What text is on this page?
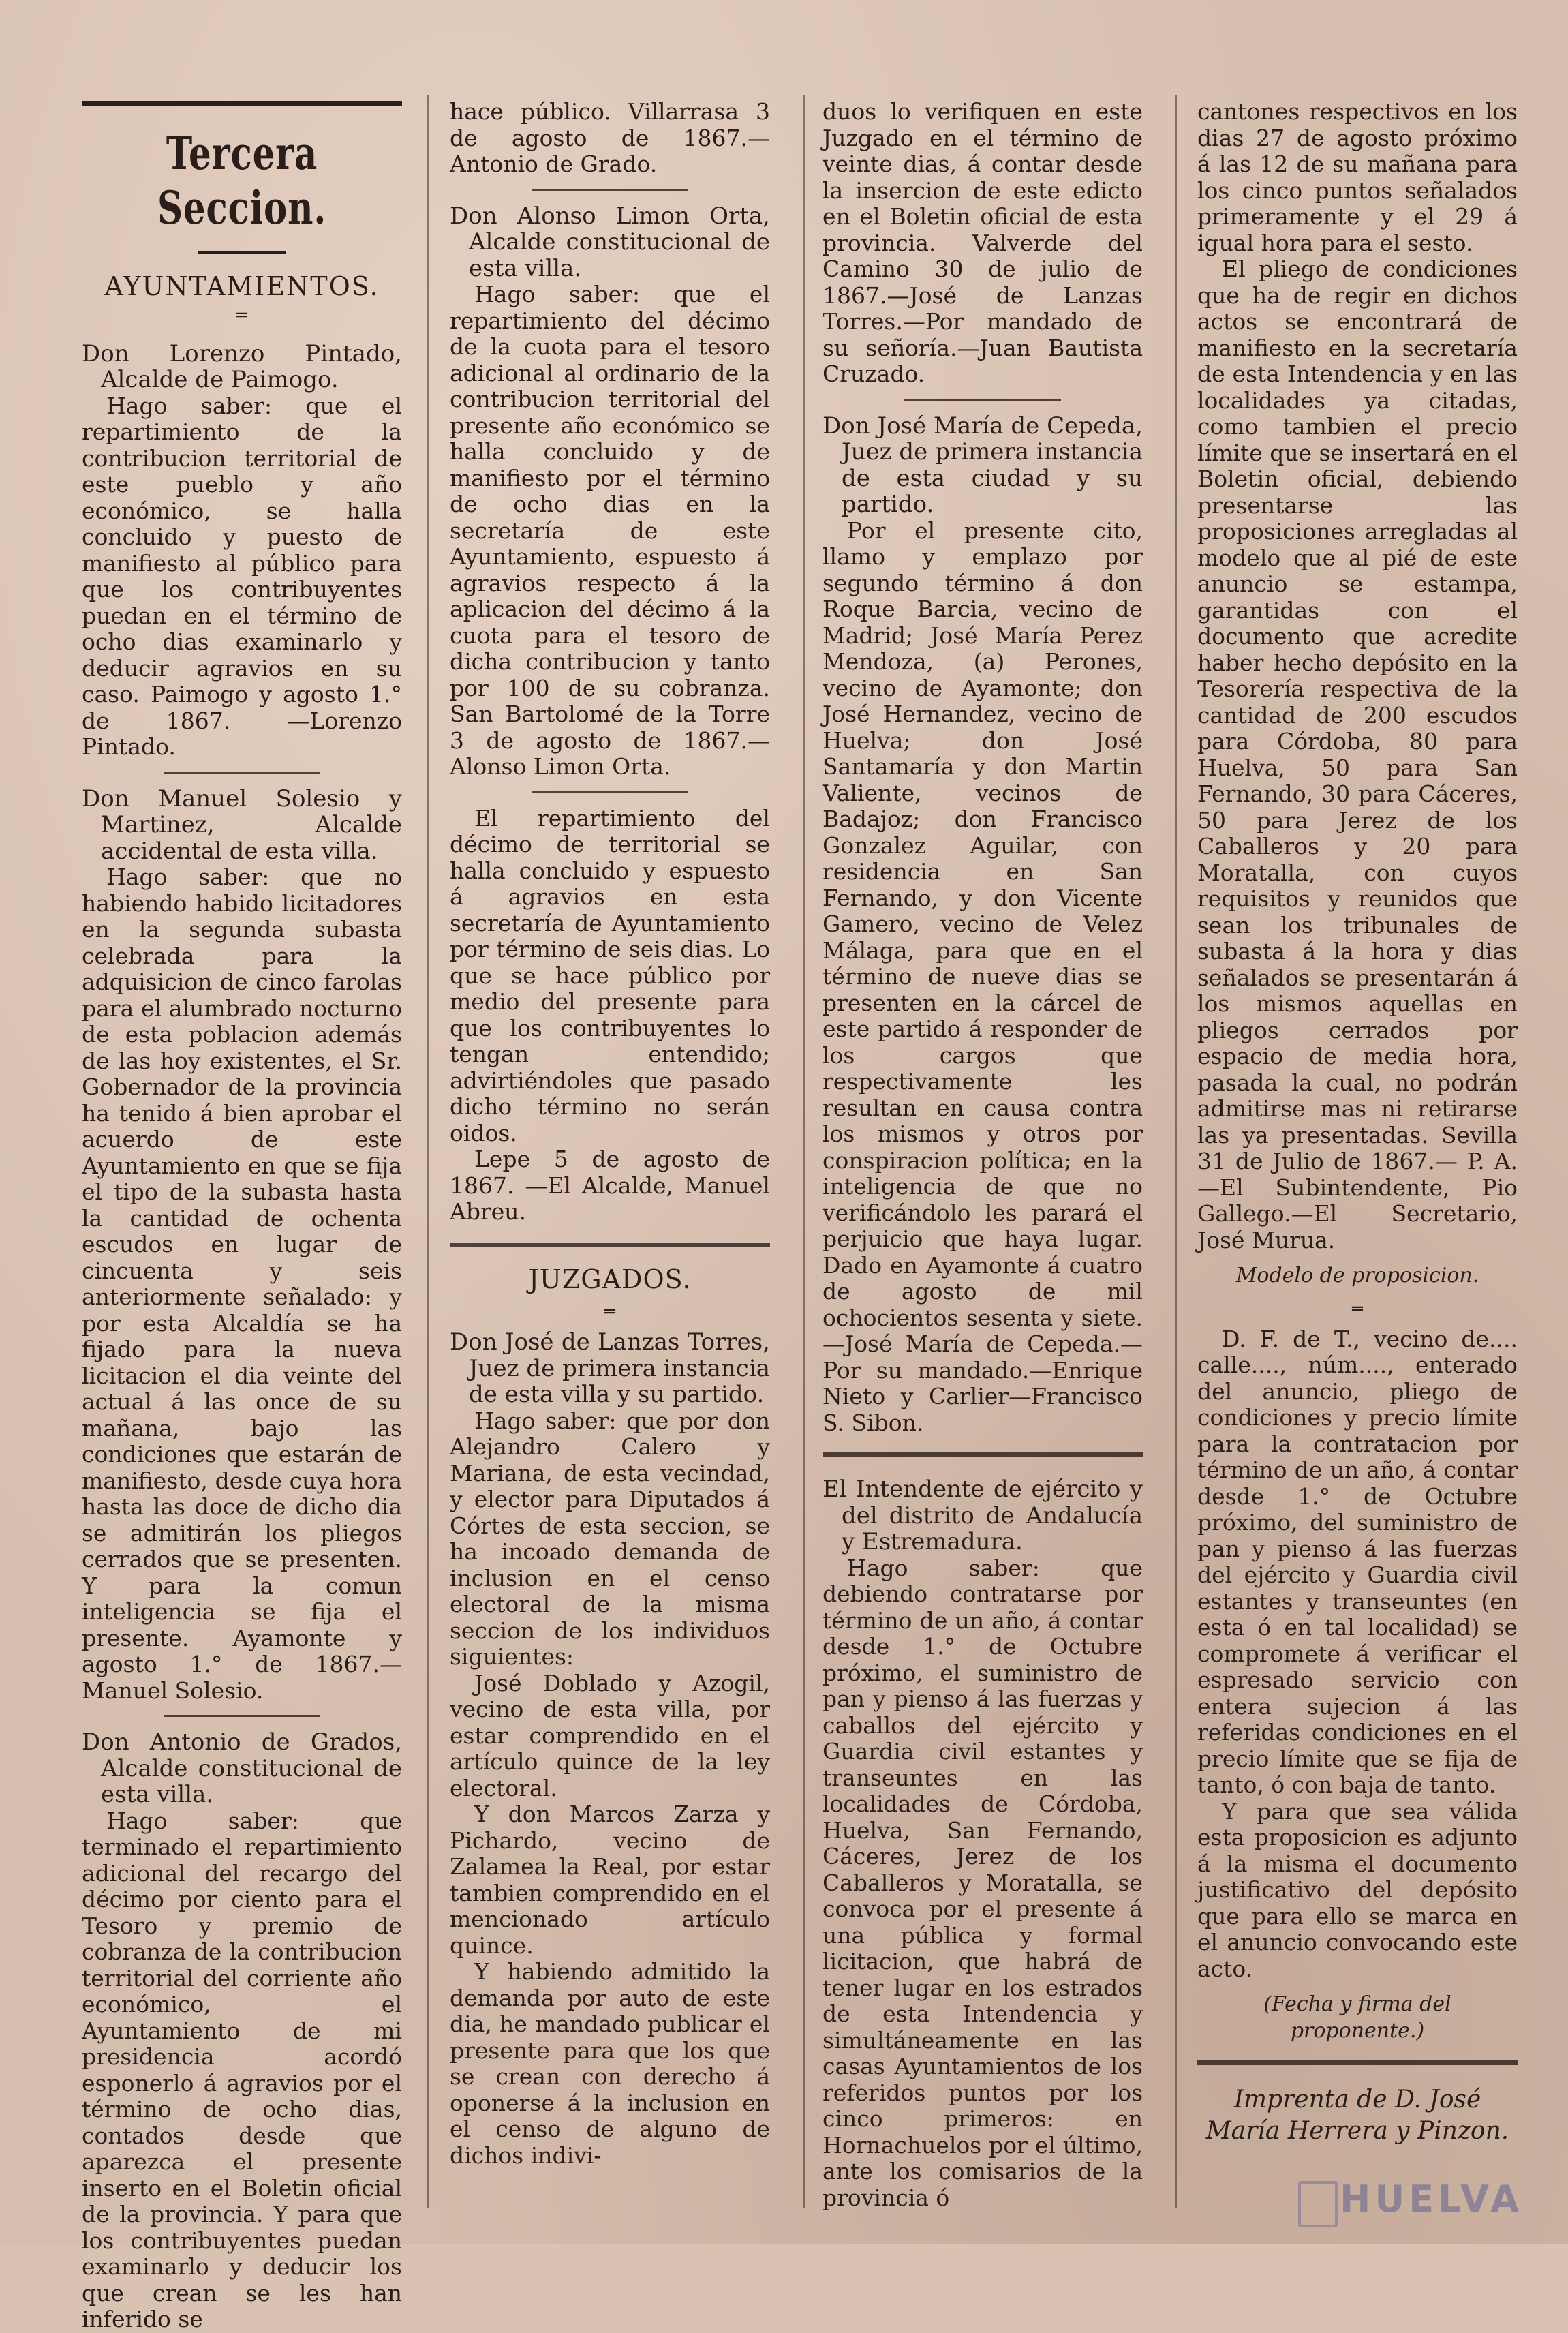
Tercera Seccion.
AYUNTAMIENTOS.
═

Don Lorenzo Pintado, Alcalde de Paimogo.

Hago saber: que el repartimiento de la contribucion territorial de este pueblo y año económico, se halla concluido y puesto de manifiesto al público para que los contribuyentes puedan en el término de ocho dias examinarlo y deducir agravios en su caso. Paimogo y agosto 1.° de 1867. —Lorenzo Pintado.

Don Manuel Solesio y Martinez, Alcalde accidental de esta villa.

Hago saber: que no habiendo habido licitadores en la segunda subasta celebrada para la adquisicion de cinco farolas para el alumbrado nocturno de esta poblacion además de las hoy existentes, el Sr. Gobernador de la provincia ha tenido á bien aprobar el acuerdo de este Ayuntamiento en que se fija el tipo de la subasta hasta la cantidad de ochenta escudos en lugar de cincuenta y seis anteriormente señalado: y por esta Alcaldía se ha fijado para la nueva licitacion el dia veinte del actual á las once de su mañana, bajo las condiciones que estarán de manifiesto, desde cuya hora hasta las doce de dicho dia se admitirán los pliegos cerrados que se presenten. Y para la comun inteligencia se fija el presente. Ayamonte y agosto 1.° de 1867.—Manuel Solesio.

Don Antonio de Grados, Alcalde constitucional de esta villa.

Hago saber: que terminado el repartimiento adicional del recargo del décimo por ciento para el Tesoro y premio de cobranza de la contribucion territorial del corriente año económico, el Ayuntamiento de mi presidencia acordó esponerlo á agravios por el término de ocho dias, contados desde que aparezca el presente inserto en el Boletin oficial de la provincia. Y para que los contribuyentes puedan examinarlo y deducir los que crean se les han inferido se

hace público. Villarrasa 3 de agosto de 1867.—Antonio de Grado.

Don Alonso Limon Orta, Alcalde constitucional de esta villa.

Hago saber: que el repartimiento del décimo de la cuota para el tesoro adicional al ordinario de la contribucion territorial del presente año económico se halla concluido y de manifiesto por el término de ocho dias en la secretaría de este Ayuntamiento, espuesto á agravios respecto á la aplicacion del décimo á la cuota para el tesoro de dicha contribucion y tanto por 100 de su cobranza. San Bartolomé de la Torre 3 de agosto de 1867.—Alonso Limon Orta.

El repartimiento del décimo de territorial se halla concluido y espuesto á agravios en esta secretaría de Ayuntamiento por término de seis dias. Lo que se hace público por medio del presente para que los contribuyentes lo tengan entendido; advirtiéndoles que pasado dicho término no serán oidos.

Lepe 5 de agosto de 1867. —El Alcalde, Manuel Abreu.

JUZGADOS.
═

Don José de Lanzas Torres, Juez de primera instancia de esta villa y su partido.

Hago saber: que por don Alejandro Calero y Mariana, de esta vecindad, y elector para Diputados á Córtes de esta seccion, se ha incoado demanda de inclusion en el censo electoral de la misma seccion de los individuos siguientes:

José Doblado y Azogil, vecino de esta villa, por estar comprendido en el artículo quince de la ley electoral.

Y don Marcos Zarza y Pichardo, vecino de Zalamea la Real, por estar tambien comprendido en el mencionado artículo quince.

Y habiendo admitido la demanda por auto de este dia, he mandado publicar el presente para que los que se crean con derecho á oponerse á la inclusion en el censo de alguno de dichos indivi-

duos lo verifiquen en este Juzgado en el término de veinte dias, á contar desde la insercion de este edicto en el Boletin oficial de esta provincia. Valverde del Camino 30 de julio de 1867.—José de Lanzas Torres.—Por mandado de su señoría.—Juan Bautista Cruzado.

Don José María de Cepeda, Juez de primera instancia de esta ciudad y su partido.

Por el presente cito, llamo y emplazo por segundo término á don Roque Barcia, vecino de Madrid; José María Perez Mendoza, (a) Perones, vecino de Ayamonte; don José Hernandez, vecino de Huelva; don José Santamaría y don Martin Valiente, vecinos de Badajoz; don Francisco Gonzalez Aguilar, con residencia en San Fernando, y don Vicente Gamero, vecino de Velez Málaga, para que en el término de nueve dias se presenten en la cárcel de este partido á responder de los cargos que respectivamente les resultan en causa contra los mismos y otros por conspiracion política; en la inteligencia de que no verificándolo les parará el perjuicio que haya lugar. Dado en Ayamonte á cuatro de agosto de mil ochocientos sesenta y siete. —José María de Cepeda.— Por su mandado.—Enrique Nieto y Carlier—Francisco S. Sibon.

El Intendente de ejército y del distrito de Andalucía y Estremadura.

Hago saber: que debiendo contratarse por término de un año, á contar desde 1.° de Octubre próximo, el suministro de pan y pienso á las fuerzas y caballos del ejército y Guardia civil estantes y transeuntes en las localidades de Córdoba, Huelva, San Fernando, Cáceres, Jerez de los Caballeros y Moratalla, se convoca por el presente á una pública y formal licitacion, que habrá de tener lugar en los estrados de esta Intendencia y simultáneamente en las casas Ayuntamientos de los referidos puntos por los cinco primeros: en Hornachuelos por el último, ante los comisarios de la provincia ó

cantones respectivos en los dias 27 de agosto próximo á las 12 de su mañana para los cinco puntos señalados primeramente y el 29 á igual hora para el sesto.

El pliego de condiciones que ha de regir en dichos actos se encontrará de manifiesto en la secretaría de esta Intendencia y en las localidades ya citadas, como tambien el precio límite que se insertará en el Boletin oficial, debiendo presentarse las proposiciones arregladas al modelo que al pié de este anuncio se estampa, garantidas con el documento que acredite haber hecho depósito en la Tesorería respectiva de la cantidad de 200 escudos para Córdoba, 80 para Huelva, 50 para San Fernando, 30 para Cáceres, 50 para Jerez de los Caballeros y 20 para Moratalla, con cuyos requisitos y reunidos que sean los tribunales de subasta á la hora y dias señalados se presentarán á los mismos aquellas en pliegos cerrados por espacio de media hora, pasada la cual, no podrán admitirse mas ni retirarse las ya presentadas. Sevilla 31 de Julio de 1867.— P. A.—El Subintendente, Pio Gallego.—El Secretario, José Murua.

Modelo de proposicion.
═

D. F. de T., vecino de.... calle...., núm...., enterado del anuncio, pliego de condiciones y precio límite para la contratacion por término de un año, á contar desde 1.° de Octubre próximo, del suministro de pan y pienso á las fuerzas del ejército y Guardia civil estantes y transeuntes (en esta ó en tal localidad) se compromete á verificar el espresado servicio con entera sujecion á las referidas condiciones en el precio límite que se fija de tanto, ó con baja de tanto.

Y para que sea válida esta proposicion es adjunto á la misma el documento justificativo del depósito que para ello se marca en el anuncio convocando este acto.

(Fecha y firma del proponente.)
Imprenta de D. José María Herrera y Pinzon.
HUELVA
